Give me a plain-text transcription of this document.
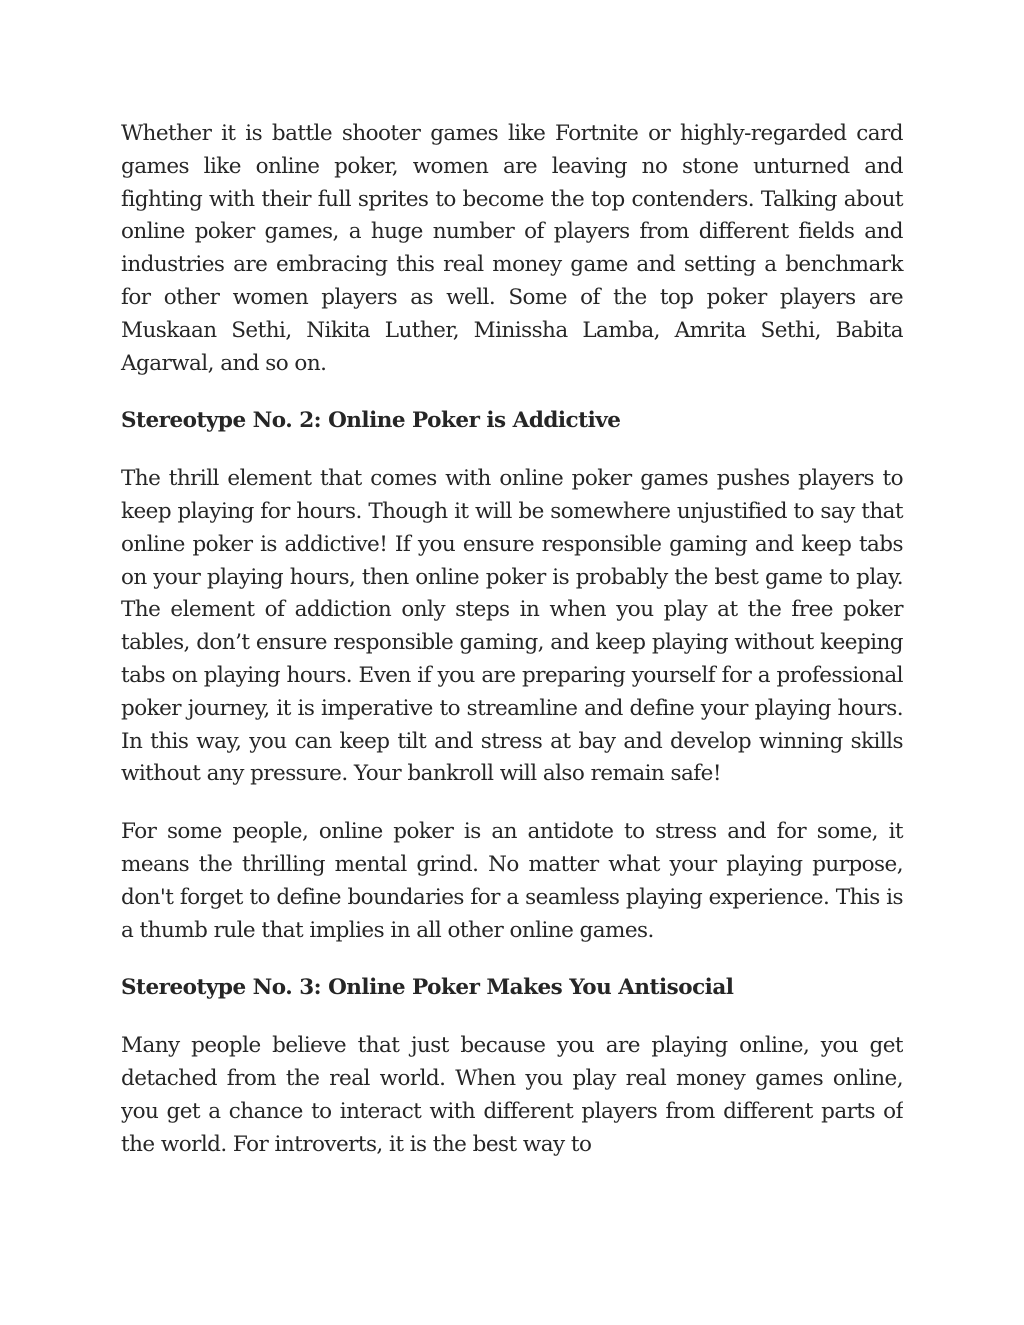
Whether it is battle shooter games like Fortnite or highly-regarded card games like online poker, women are leaving no stone unturned and fighting with their full sprites to become the top contenders. Talking about online poker games, a huge number of players from different fields and industries are embracing this real money game and setting a benchmark for other women players as well. Some of the top poker players are Muskaan Sethi, Nikita Luther, Minissha Lamba, Amrita Sethi, Babita Agarwal, and so on.

Stereotype No. 2: Online Poker is Addictive

The thrill element that comes with online poker games pushes players to keep playing for hours. Though it will be somewhere unjustified to say that online poker is addictive! If you ensure responsible gaming and keep tabs on your playing hours, then online poker is probably the best game to play. The element of addiction only steps in when you play at the free poker tables, don’t ensure responsible gaming, and keep playing without keeping tabs on playing hours. Even if you are preparing yourself for a professional poker journey, it is imperative to streamline and define your playing hours. In this way, you can keep tilt and stress at bay and develop winning skills without any pressure. Your bankroll will also remain safe!

For some people, online poker is an antidote to stress and for some, it means the thrilling mental grind. No matter what your playing purpose, don't forget to define boundaries for a seamless playing experience. This is a thumb rule that implies in all other online games.

Stereotype No. 3: Online Poker Makes You Antisocial

Many people believe that just because you are playing online, you get detached from the real world. When you play real money games online, you get a chance to interact with different players from different parts of the world. For introverts, it is the best way to
